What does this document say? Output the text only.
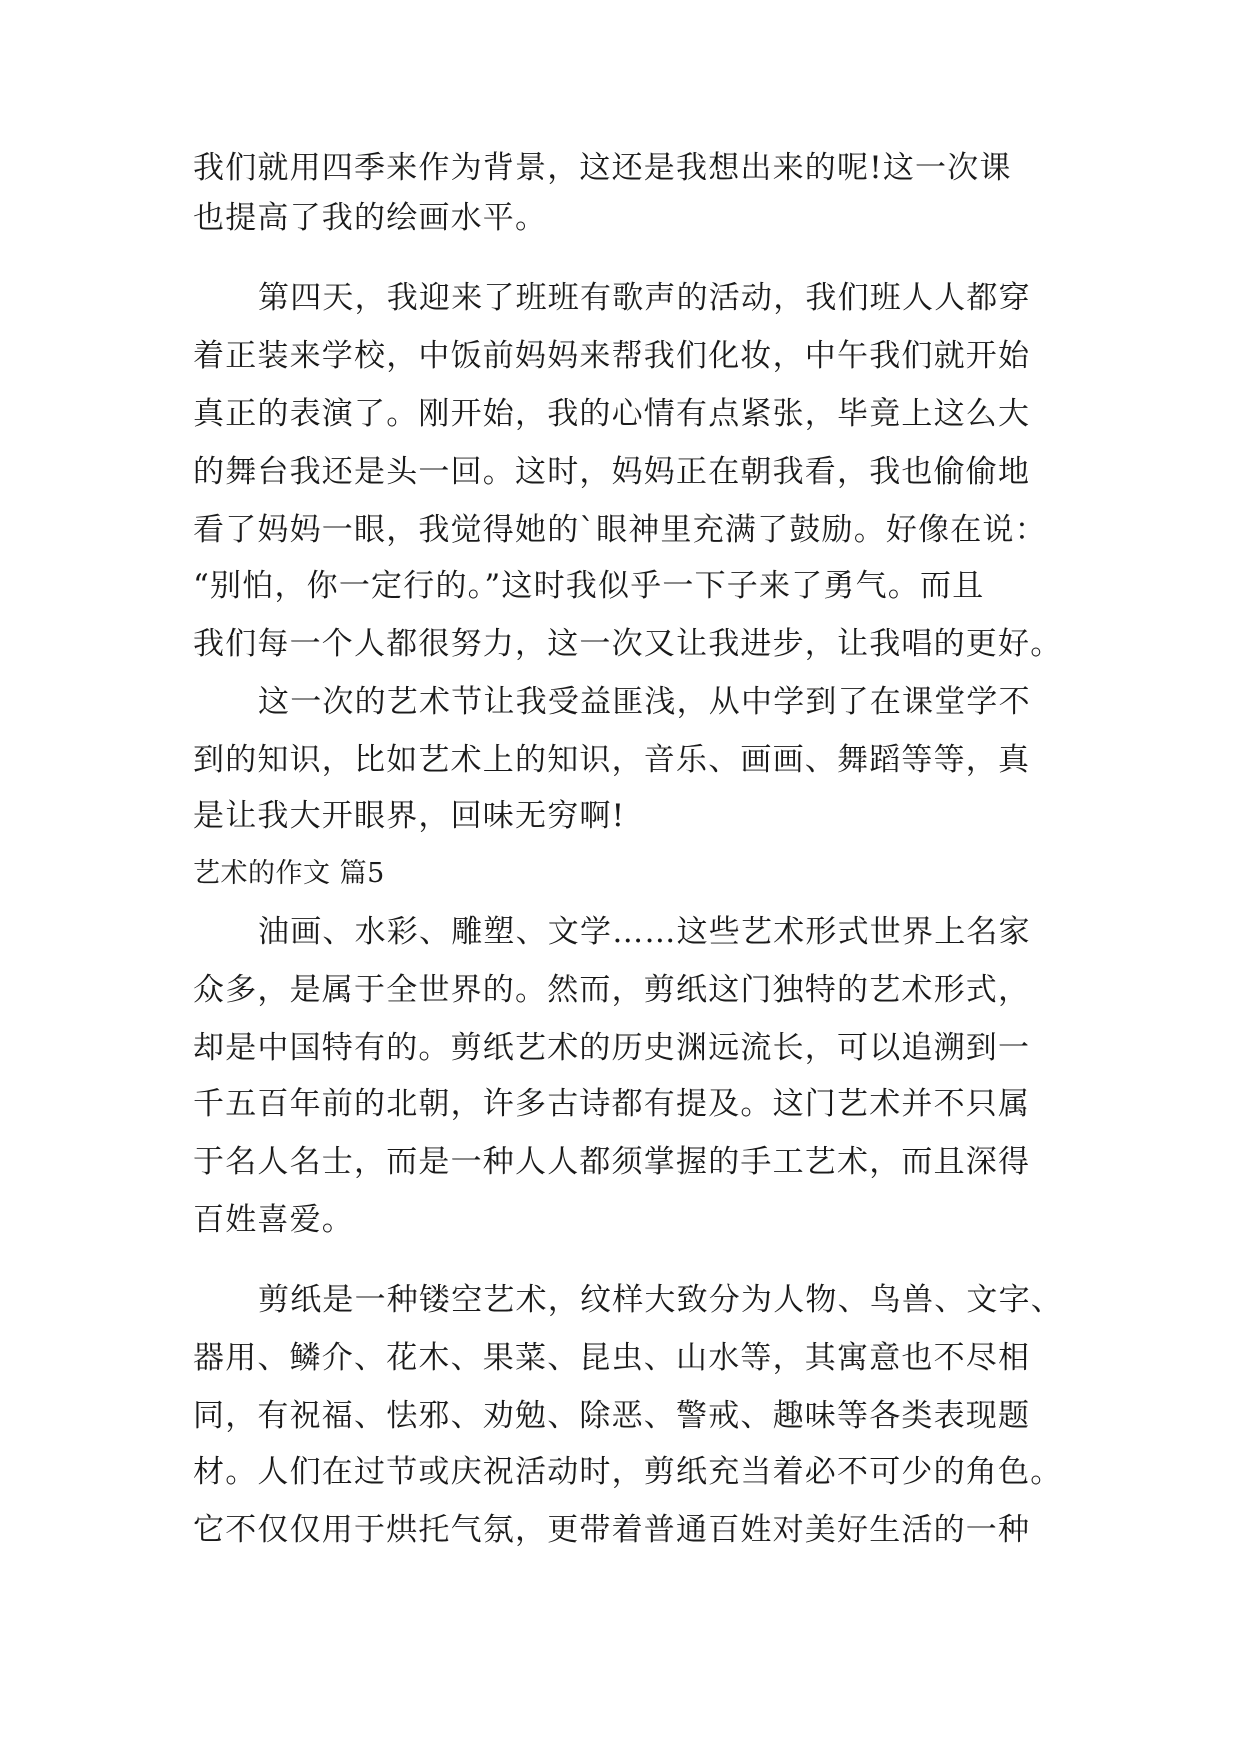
我们就用四季来作为背景，这还是我想出来的呢!这一次课
也提高了我的绘画水平。
第四天，我迎来了班班有歌声的活动，我们班人人都穿
着正装来学校，中饭前妈妈来帮我们化妆，中午我们就开始
真正的表演了。刚开始，我的心情有点紧张，毕竟上这么大
的舞台我还是头一回。这时，妈妈正在朝我看，我也偷偷地
看了妈妈一眼，我觉得她的`眼神里充满了鼓励。好像在说：
“别怕，你一定行的。”这时我似乎一下子来了勇气。而且
我们每一个人都很努力，这一次又让我进步，让我唱的更好。
这一次的艺术节让我受益匪浅，从中学到了在课堂学不
到的知识，比如艺术上的知识，音乐、画画、舞蹈等等，真
是让我大开眼界，回味无穷啊!
艺术的作文 篇5
油画、水彩、雕塑、文学……这些艺术形式世界上名家
众多，是属于全世界的。然而，剪纸这门独特的艺术形式，
却是中国特有的。剪纸艺术的历史渊远流长，可以追溯到一
千五百年前的北朝，许多古诗都有提及。这门艺术并不只属
于名人名士，而是一种人人都须掌握的手工艺术，而且深得
百姓喜爱。
剪纸是一种镂空艺术，纹样大致分为人物、鸟兽、文字、
器用、鳞介、花木、果菜、昆虫、山水等，其寓意也不尽相
同，有祝福、怯邪、劝勉、除恶、警戒、趣味等各类表现题
材。人们在过节或庆祝活动时，剪纸充当着必不可少的角色。
它不仅仅用于烘托气氛，更带着普通百姓对美好生活的一种
